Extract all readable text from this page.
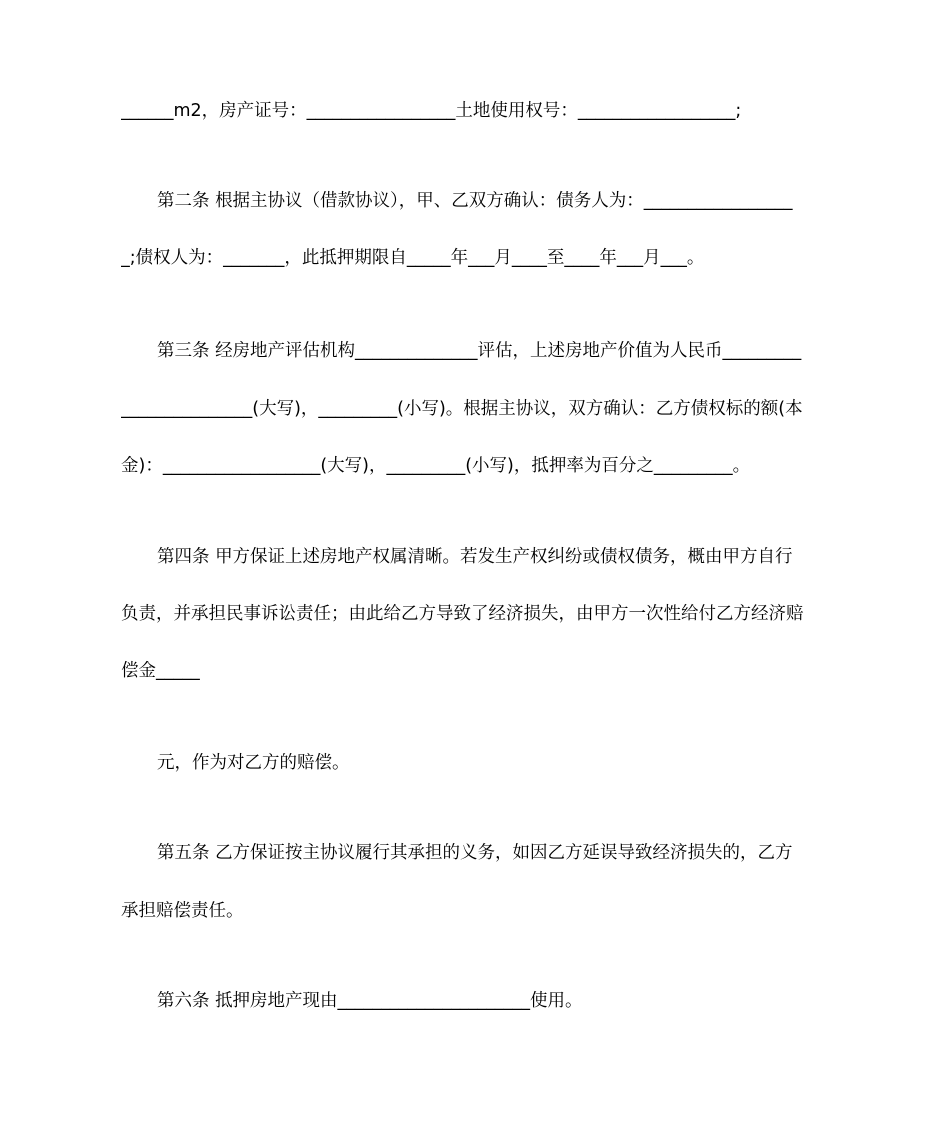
______m2，房产证号：_________________土地使用权号：__________________;
第二条 根据主协议（借款协议），甲、乙双方确认：债务人为：_________________
_;债权人为：_______，此抵押期限自_____年___月____至____年___月___。
第三条 经房地产评估机构______________评估，上述房地产价值为人民币_________
_______________(大写)，_________(小写)。根据主协议，双方确认：乙方债权标的额(本
金)：__________________(大写)，_________(小写)，抵押率为百分之_________。
第四条 甲方保证上述房地产权属清晰。若发生产权纠纷或债权债务，概由甲方自行
负责，并承担民事诉讼责任；由此给乙方导致了经济损失，由甲方一次性给付乙方经济赔
偿金_____
元，作为对乙方的赔偿。
第五条 乙方保证按主协议履行其承担的义务，如因乙方延误导致经济损失的，乙方
承担赔偿责任。
第六条 抵押房地产现由______________________使用。
